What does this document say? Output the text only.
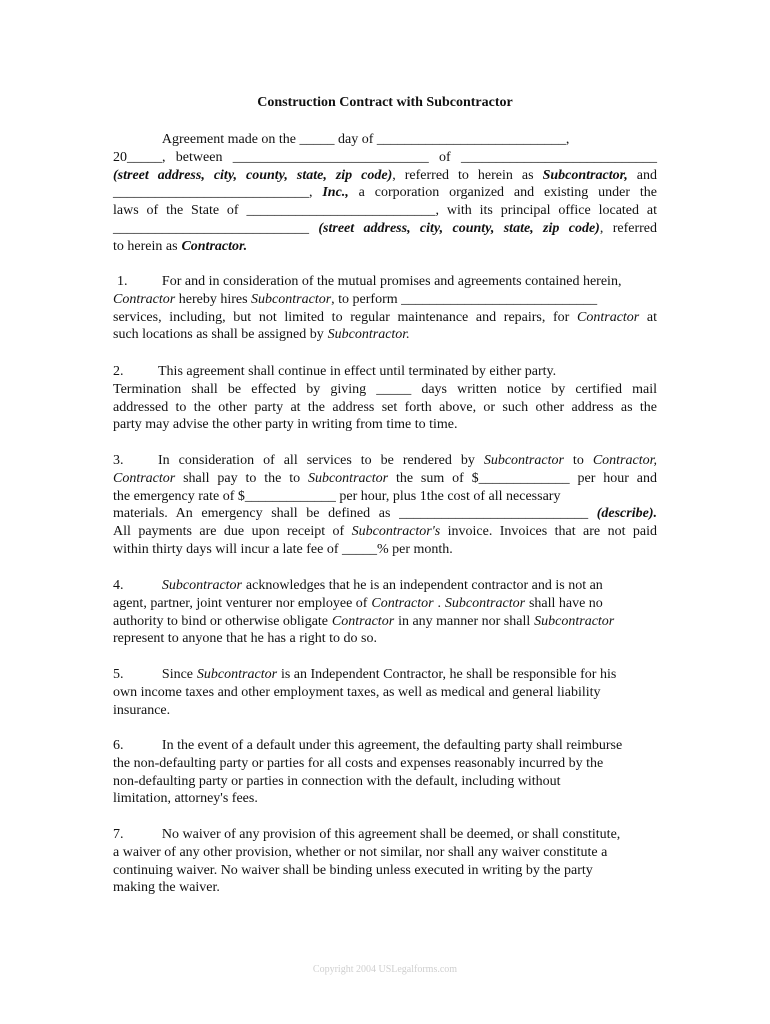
Construction Contract with Subcontractor
Agreement made on the _____ day of ___________________________,
20_____, between ____________________________ of ____________________________
(street address, city, county, state, zip code) , referred to herein as Subcontractor, and
____________________________, Inc., a corporation organized and existing under the
laws of the State of ___________________________, with its principal office located at
____________________________ (street address, city, county, state, zip code) , referred
to herein as Contractor.
1.	For and in consideration of the mutual promises and agreements contained herein,
Contractor hereby hires Subcontractor , to perform ____________________________
services, including, but not limited to regular maintenance and repairs, for Contractor at
such locations as shall be assigned by Subcontractor.
2.	This agreement shall continue in effect until terminated by either party.
Termination shall be effected by giving _____ days written notice by certified mail
addressed to the other party at the address set forth above, or such other address as the
party may advise the other party in writing from time to time.
3.	In consideration of all services to be rendered by Subcontractor to Contractor,
Contractor shall pay to the to Subcontractor the sum of $_____________ per hour and
the emergency rate of $_____________ per hour, plus 1the cost of all necessary
materials. An emergency shall be defined as ___________________________ (describe).
All payments are due upon receipt of Subcontractor's invoice. Invoices that are not paid
within thirty days will incur a late fee of _____% per month.
4.	Subcontractor acknowledges that he is an independent contractor and is not an
agent, partner, joint venturer nor employee of Contractor . Subcontractor shall have no
authority to bind or otherwise obligate Contractor in any manner nor shall Subcontractor
represent to anyone that he has a right to do so.
5.	Since Subcontractor is an Independent Contractor, he shall be responsible for his
own income taxes and other employment taxes, as well as medical and general liability
insurance.
6.	In the event of a default under this agreement, the defaulting party shall reimburse
the non-defaulting party or parties for all costs and expenses reasonably incurred by the
non-defaulting party or parties in connection with the default, including without
limitation, attorney's fees.
7.	No waiver of any provision of this agreement shall be deemed, or shall constitute,
a waiver of any other provision, whether or not similar, nor shall any waiver constitute a
continuing waiver. No waiver shall be binding unless executed in writing by the party
making the waiver.
Copyright 2004 USLegalforms.com
